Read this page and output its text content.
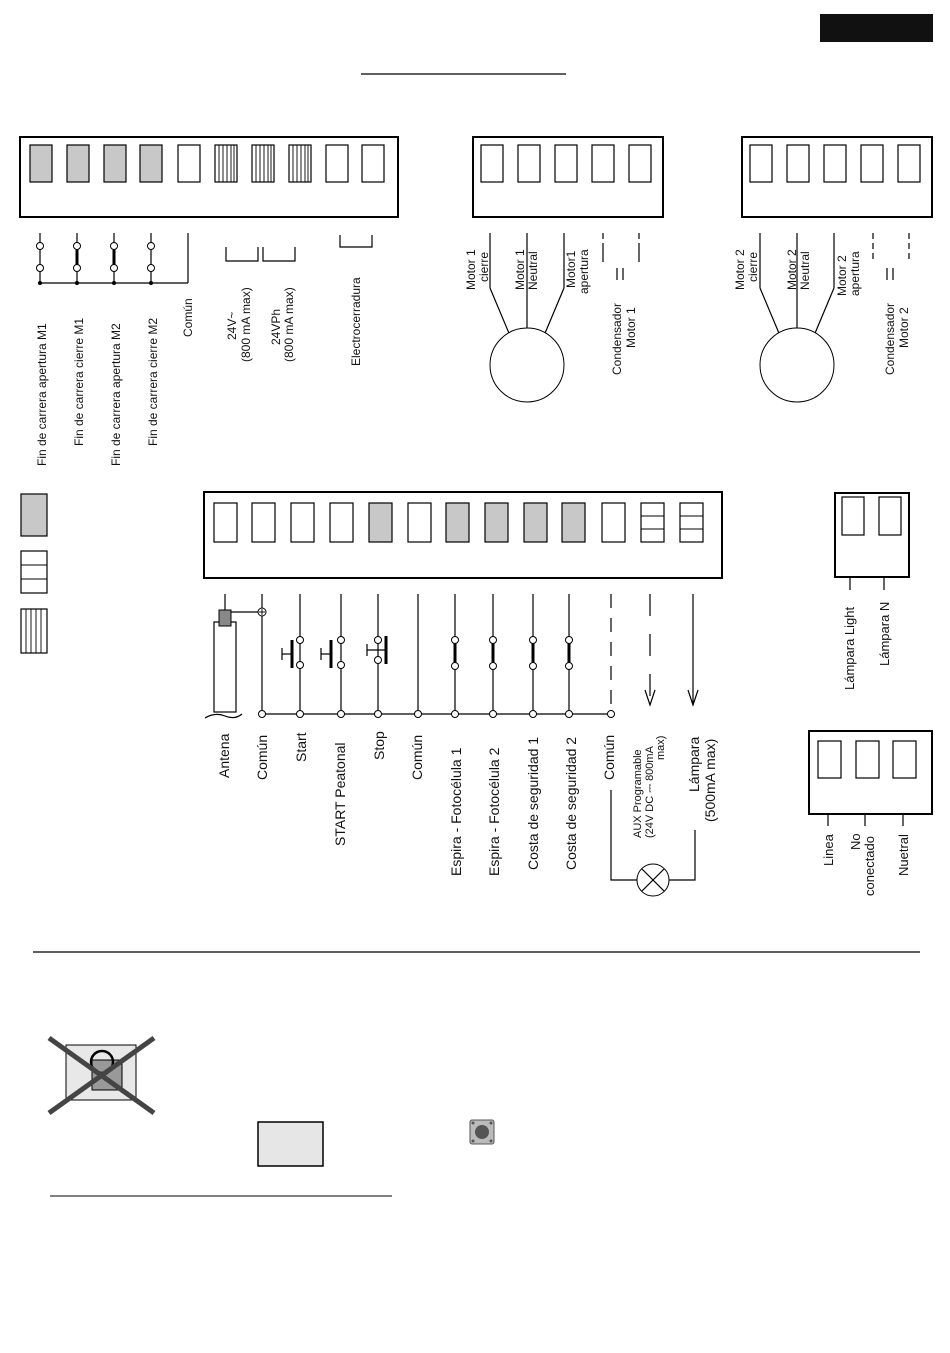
Fin de carrera apertura M1 Fin de carrera cierre M1 Fin de carrera apertura M2 Fin de carrera cierre M2
Común	24V~ (800 mA max) 24VPh (800 mA max)	Electrocerradura
Motor 1 cierre Motor 1 Neutral Motor1 apertura
Condensador Motor 1
Motor 2 cierre Motor 2 Neutral Motor 2 apertura
Condensador Motor 2
Antena Común Start START Peatonal Stop Común Espira - Fotocélula 1 Espira - Fotocélula 2 Costa de seguridad 1 Costa de seguridad 2 Común AUX Programable (24V DC ⎓ 800mA max) Lámpara (500mA max)
Lámpara Light Lámpara N
Linea No conectado Nuetral
